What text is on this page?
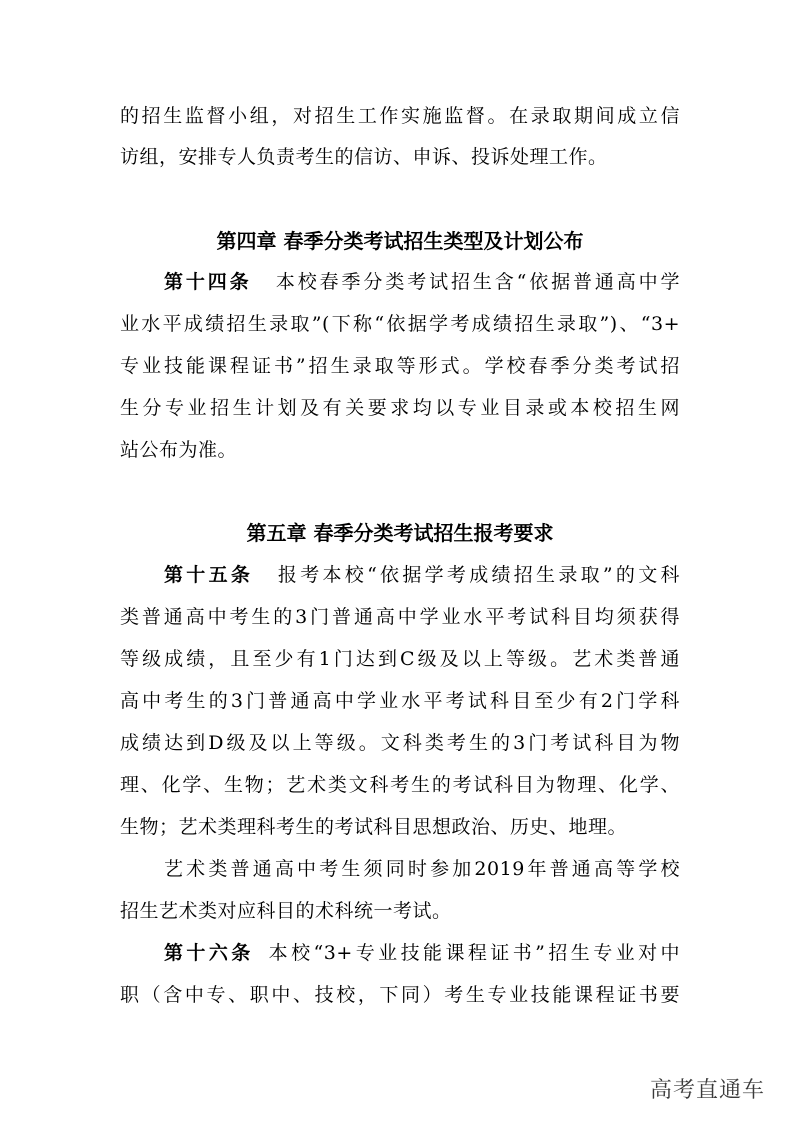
的招生监督小组，对招生工作实施监督。在录取期间成立信
访组，安排专人负责考生的信访、申诉、投诉处理工作。
第四章 春季分类考试招生类型及计划公布
第十四条 本校春季分类考试招生含“依据普通高中学
业水平成绩招生录取”(下称“依据学考成绩招生录取”)、“3+
专业技能课程证书”招生录取等形式。学校春季分类考试招
生分专业招生计划及有关要求均以专业目录或本校招生网
站公布为准。
第五章 春季分类考试招生报考要求
第十五条 报考本校“依据学考成绩招生录取”的文科
类普通高中考生的3门普通高中学业水平考试科目均须获得
等级成绩，且至少有1门达到C级及以上等级。艺术类普通
高中考生的3门普通高中学业水平考试科目至少有2门学科
成绩达到D级及以上等级。文科类考生的3门考试科目为物
理、化学、生物；艺术类文科考生的考试科目为物理、化学、
生物；艺术类理科考生的考试科目思想政治、历史、地理。
艺术类普通高中考生须同时参加2019年普通高等学校
招生艺术类对应科目的术科统一考试。
第十六条 本校“3+专业技能课程证书”招生专业对中
职（含中专、职中、技校，下同）考生专业技能课程证书要
高考直通车
